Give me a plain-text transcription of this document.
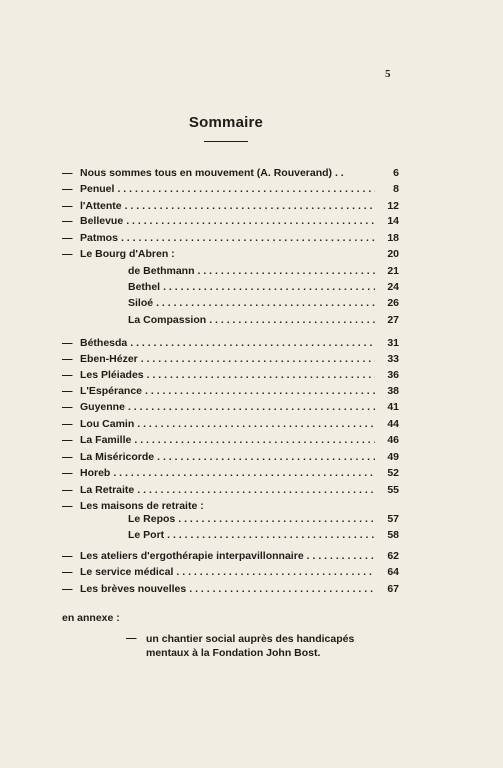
5
Sommaire
— Nous sommes tous en mouvement (A. Rouverand) . .	6
— Penuel . . .	8
— l'Attente . . .	12
— Bellevue . . .	14
— Patmos . . .	18
— Le Bourg d'Abren :	20
de Bethmann . . .	21
Bethel . . .	24
Siloé . . .	26
La Compassion . . .	27
— Béthesda . . .	31
— Eben-Hézer . . .	33
— Les Pléiades . . .	36
— L'Espérance . . .	38
— Guyenne . . .	41
— Lou Camin . . .	44
— La Famille . . .	46
— La Miséricorde . . .	49
— Horeb . . .	52
— La Retraite . . .	55
— Les maisons de retraite :
Le Repos . . .	57
Le Port . . .	58
— Les ateliers d'ergothérapie interpavillonnaire . . .	62
— Le service médical . . .	64
— Les brèves nouvelles . . .	67
en annexe :
— un chantier social auprès des handicapés mentaux à la Fondation John Bost.
